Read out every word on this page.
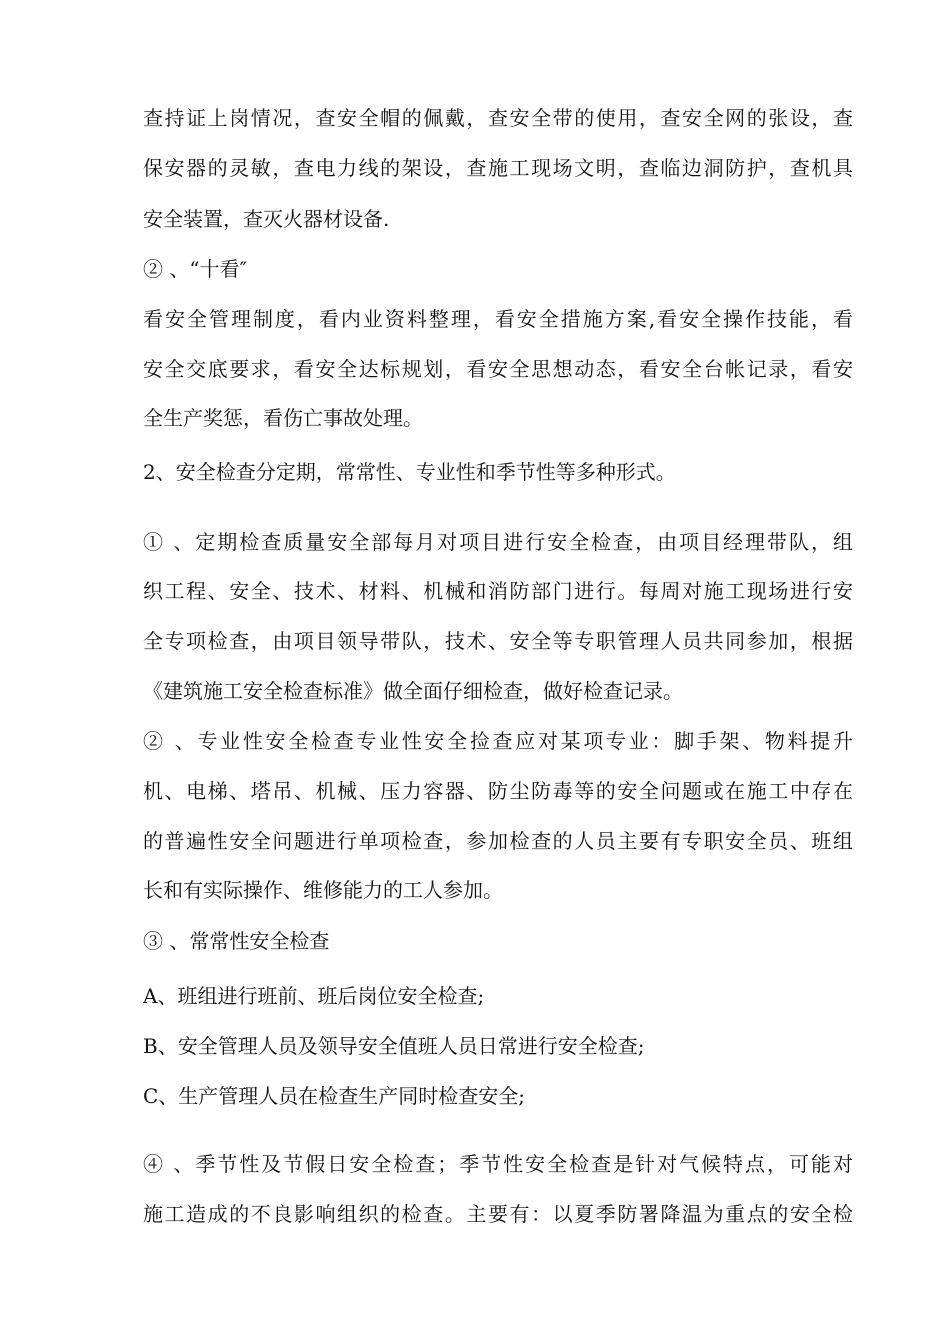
查持证上岗情况，查安全帽的佩戴，查安全带的使用，查安全网的张设，查
保安器的灵敏，查电力线的架设，查施工现场文明，查临边洞防护，查机具
安全装置，查灭火器材设备.
② 、“十看″
看安全管理制度，看内业资料整理，看安全措施方案,看安全操作技能，看
安全交底要求，看安全达标规划，看安全思想动态，看安全台帐记录，看安
全生产奖惩，看伤亡事故处理。
2、安全检查分定期，常常性、专业性和季节性等多种形式。
① 、定期检查质量安全部每月对项目进行安全检查，由项目经理带队，组
织工程、安全、技术、材料、机械和消防部门进行。每周对施工现场进行安
全专项检查，由项目领导带队，技术、安全等专职管理人员共同参加，根据
《建筑施工安全检查标准》做全面仔细检查，做好检查记录。
② 、专业性安全检查专业性安全捡查应对某项专业：脚手架、物料提升
机、电梯、塔吊、机械、压力容器、防尘防毒等的安全问题或在施工中存在
的普遍性安全问题进行单项检查，参加检查的人员主要有专职安全员、班组
长和有实际操作、维修能力的工人参加。
③ 、常常性安全检查
A、班组进行班前、班后岗位安全检查;
B、安全管理人员及领导安全值班人员日常进行安全检查;
C、生产管理人员在检查生产同时检查安全;
④ 、季节性及节假日安全检查；季节性安全检查是针对气候特点，可能对
施工造成的不良影响组织的检查。主要有：以夏季防署降温为重点的安全检
